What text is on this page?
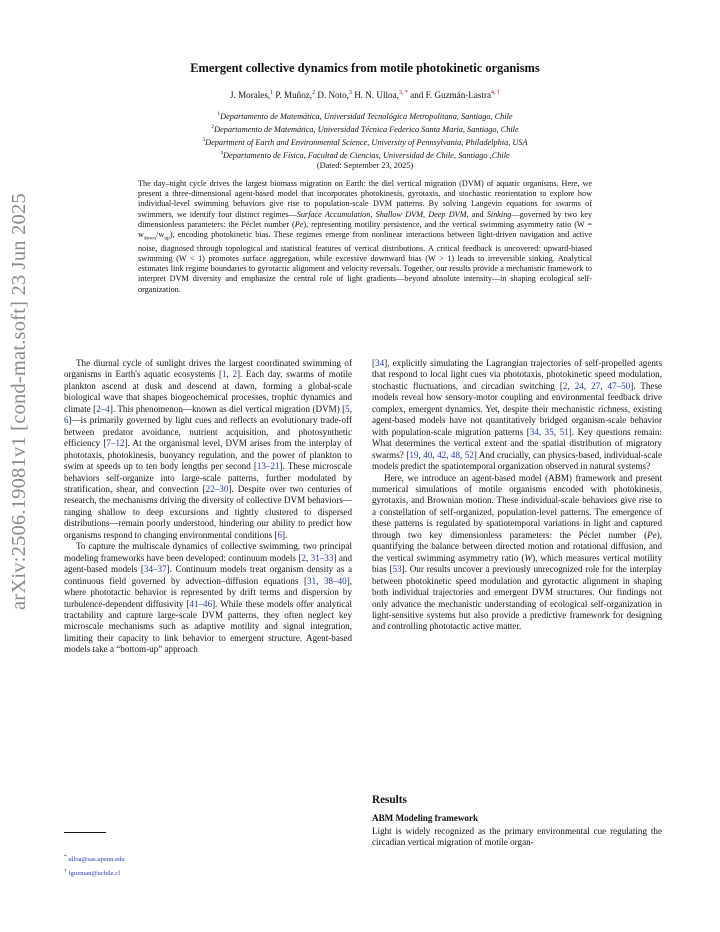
arXiv:2506.19081v1 [cond-mat.soft] 23 Jun 2025
Emergent collective dynamics from motile photokinetic organisms
J. Morales,$^1$ P. Muñoz,$^2$ D. Noto,$^3$ H. N. Ulloa,$^{3, *}$ and F. Guzmán-Lastra$^{4, \dagger}$
$^1$Departamento de Matemática, Universidad Tecnológica Metropolitana, Santiago, Chile
$^2$Departamento de Matemática, Universidad Técnica Federico Santa María, Santiago, Chile
$^3$Department of Earth and Environmental Science, University of Pennsylvania, Philadelphia, USA
$^4$Departamento de Física, Facultad de Ciencias, Universidad de Chile, Santiago ,Chile
(Dated: September 23, 2025)
The day–night cycle drives the largest biomass migration on Earth: the diel vertical migration (DVM) of aquatic organisms. Here, we present a three-dimensional agent-based model that incorporates photokinesis, gyrotaxis, and stochastic reorientation to explore how individual-level swimming behaviors give rise to population-scale DVM patterns. By solving Langevin equations for swarms of swimmers, we identify four distinct regimes—Surface Accumulation, Shallow DVM, Deep DVM, and Sinking—governed by two key dimensionless parameters: the Péclet number (Pe), representing motility persistence, and the vertical swimming asymmetry ratio $(W = w_{down}/w_{up})$, encoding photokinetic bias. These regimes emerge from nonlinear interactions between light-driven navigation and active noise, diagnosed through topological and statistical features of vertical distributions. A critical feedback is uncovered: upward-biased swimming (W < 1) promotes surface aggregation, while excessive downward bias (W > 1) leads to irreversible sinking. Analytical estimates link regime boundaries to gyrotactic alignment and velocity reversals. Together, our results provide a mechanistic framework to interpret DVM diversity and emphasize the central role of light gradients—beyond absolute intensity—in shaping ecological self-organization.

The diurnal cycle of sunlight drives the largest coordinated swimming of organisms in Earth's aquatic ecosystems [1, 2]. Each day, swarms of motile plankton ascend at dusk and descend at dawn, forming a global-scale biological wave that shapes biogeochemical processes, trophic dynamics and climate [2–4]. This phenomenon—known as diel vertical migration (DVM) [5, 6]—is primarily governed by light cues and reflects an evolutionary trade-off between predator avoidance, nutrient acquisition, and photosynthetic efficiency [7–12]. At the organismal level, DVM arises from the interplay of phototaxis, photokinesis, buoyancy regulation, and the power of plankton to swim at speeds up to ten body lengths per second [13–21]. These microscale behaviors self-organize into large-scale patterns, further modulated by stratification, shear, and convection [22–30]. Despite over two centuries of research, the mechanisms driving the diversity of collective DVM behaviors—ranging shallow to deep excursions and tightly clustered to dispersed distributions—remain poorly understood, hindering our ability to predict how organisms respond to changing environmental conditions [6].

To capture the multiscale dynamics of collective swimming, two principal modeling frameworks have been developed: continuum models [2, 31–33] and agent-based models [34–37]. Continuum models treat organism density as a continuous field governed by advection–diffusion equations [31, 38–40], where phototactic behavior is represented by drift terms and dispersion by turbulence-dependent diffusivity [41–46]. While these models offer analytical tractability and capture large-scale DVM patterns, they often neglect key microscale mechanisms such as adaptive motility and signal integration, limiting their capacity to link behavior to emergent structure. Agent-based models take a “bottom-up” approach

[34], explicitly simulating the Lagrangian trajectories of self-propelled agents that respond to local light cues via phototaxis, photokinetic speed modulation, stochastic fluctuations, and circadian switching [2, 24, 27, 47–50]. These models reveal how sensory-motor coupling and environmental feedback drive complex, emergent dynamics. Yet, despite their mechanistic richness, existing agent-based models have not quantitatively bridged organism-scale behavior with population-scale migration patterns [34, 35, 51]. Key questions remain: What determines the vertical extent and the spatial distribution of migratory swarms? [19, 40, 42, 48, 52] And crucially, can physics-based, individual-scale models predict the spatiotemporal organization observed in natural systems?

Here, we introduce an agent-based model (ABM) framework and present numerical simulations of motile organisms encoded with photokinesis, gyrotaxis, and Brownian motion. These individual-scale behaviors give rise to a constellation of self-organized, population-level patterns. The emergence of these patterns is regulated by spatiotemporal variations in light and captured through two key dimensionless parameters: the Péclet number (Pe), quantifying the balance between directed motion and rotational diffusion, and the vertical swimming asymmetry ratio (W), which measures vertical motility bias [53]. Our results uncover a previously unrecognized role for the interplay between photokinetic speed modulation and gyrotactic alignment in shaping both individual trajectories and emergent DVM structures. Our findings not only advance the mechanistic understanding of ecological self-organization in light-sensitive systems but also provide a predictive framework for designing and controlling phototactic active matter.

Results
ABM Modeling framework
Light is widely recognized as the primary environmental cue regulating the circadian vertical migration of motile organ-
* ulloa@sas.upenn.edu
† fguzman@uchile.cl
